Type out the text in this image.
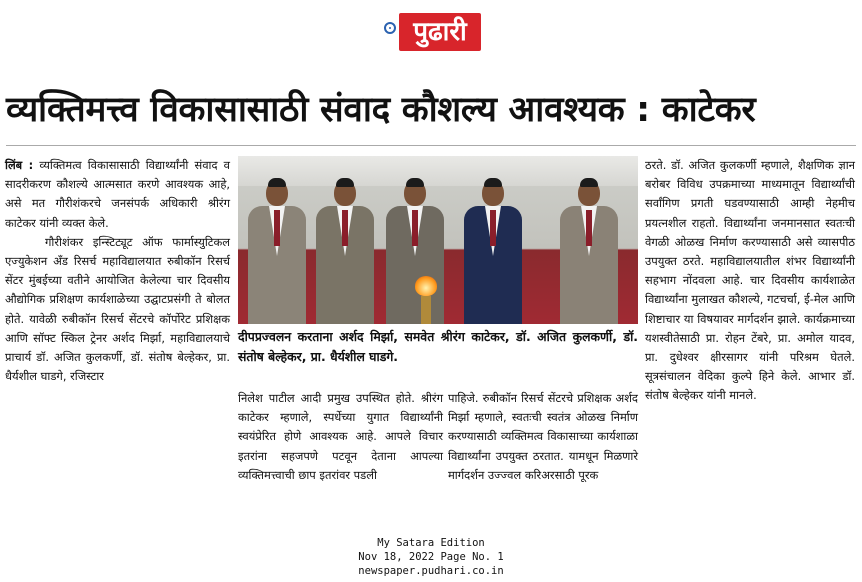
पुढारी
व्यक्तिमत्त्व विकासासाठी संवाद कौशल्य आवश्यक : काटेकर

लिंब : व्यक्तिमत्व विकासासाठी विद्यार्थ्यांनी संवाद व सादरीकरण कौशल्ये आत्मसात करणे आवश्यक आहे, असे मत गौरीशंकरचे जनसंपर्क अधिकारी श्रीरंग काटेकर यांनी व्यक्त केले.

गौरीशंकर इन्स्टिट्यूट ऑफ फार्मास्युटिकल एज्युकेशन अँड रिसर्च महाविद्यालयात रुबीकॉन रिसर्च सेंटर मुंबईच्या वतीने आयोजित केलेल्या चार दिवसीय औद्योगिक प्रशिक्षण कार्यशाळेच्या उद्घाटप्रसंगी ते बोलत होते. यावेळी रुबीकॉन रिसर्च सेंटरचे कॉर्पोरेट प्रशिक्षक आणि सॉफ्ट स्किल ट्रेनर अर्शद मिर्झा, महाविद्यालयाचे प्राचार्य डॉ. अजित कुलकर्णी, डॉ. संतोष बेल्हेकर, प्रा. धैर्यशील घाडगे, रजिस्टार

दीपप्रज्वलन करताना अर्शद मिर्झा, समवेत श्रीरंग काटेकर, डॉ. अजित कुलकर्णी, डॉ. संतोष बेल्हेकर, प्रा. धैर्यशील घाडगे.

निलेश पाटील आदी प्रमुख उपस्थित होते. श्रीरंग काटेकर म्हणाले, स्पर्धेच्या युगात विद्यार्थ्यांनी स्वयंप्रेरित होणे आवश्यक आहे. आपले विचार इतरांना सहजपणे पटवून देताना आपल्या व्यक्तिमत्त्वाची छाप इतरांवर पडली

पाहिजे. रुबीकॉन रिसर्च सेंटरचे प्रशिक्षक अर्शद मिर्झा म्हणाले, स्वतःची स्वतंत्र ओळख निर्माण करण्यासाठी व्यक्तिमत्व विकासाच्या कार्यशाळा विद्यार्थ्यांना उपयुक्त ठरतात. यामधून मिळणारे मार्गदर्शन उज्ज्वल करिअरसाठी पूरक

ठरते. डॉ. अजित कुलकर्णी म्हणाले, शैक्षणिक ज्ञान बरोबर विविध उपक्रमाच्या माध्यमातून विद्यार्थ्यांची सर्वांगिण प्रगती घडवण्यासाठी आम्ही नेहमीच प्रयत्नशील राहतो. विद्यार्थ्यांना जनमानसात स्वतःची वेगळी ओळख निर्माण करण्यासाठी असे व्यासपीठ उपयुक्त ठरते. महाविद्यालयातील शंभर विद्यार्थ्यांनी सहभाग नोंदवला आहे. चार दिवसीय कार्यशाळेत विद्यार्थ्यांना मुलाखत कौशल्ये, गटचर्चा, ई-मेल आणि शिष्टाचार या विषयावर मार्गदर्शन झाले. कार्यक्रमाच्या यशस्वीतेसाठी प्रा. रोहन टेंबरे, प्रा. अमोल यादव, प्रा. दुधेश्वर क्षीरसागर यांनी परिश्रम घेतले. सूत्रसंचालन वेदिका कुल्पे हिने केले. आभार डॉ. संतोष बेल्हेकर यांनी मानले.

My Satara Edition
Nov 18, 2022 Page No. 1
newspaper.pudhari.co.in
